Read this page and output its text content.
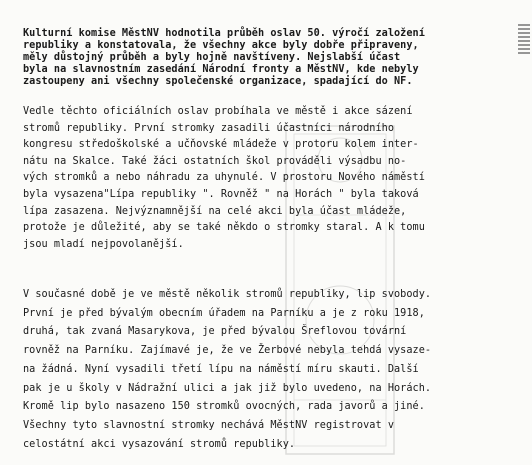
Kulturní komise MěstNV hodnotila průběh oslav 50. výročí založení
republiky a konstatovala, že všechny akce byly dobře připraveny,
měly důstojný průběh a byly hojně navštíveny. Nejslabší účast
byla na slavnostním zasedání Národní fronty a MěstNV, kde nebyly
zastoupeny ani všechny společenské organizace, spadající do NF.
Vedle těchto oficiálních oslav probíhala ve městě i akce sázení
stromů republiky. První stromky zasadili účastníci národního
kongresu středoškolské a učňovské mládeže v protoru kolem inter-
nátu na Skalce. Také žáci ostatních škol prováděli výsadbu no-
vých stromků a nebo náhradu za uhynulé. V prostoru Nového náměstí
byla vysazena"Lípa republiky ". Rovněž " na Horách " byla taková
lípa zasazena. Nejvýznamnější na celé akci byla účast mládeže,
protože je důležité, aby se také někdo o stromky staral. A k tomu
jsou mladí nejpovolanější.
V současné době je ve městě několik stromů republiky, lip svobody.
První je před bývalým obecním úřadem na Parníku a je z roku 1918,
druhá, tak zvaná Masarykova, je před bývalou Šreflovou tovární
rovněž na Parníku. Zajímavé je, že ve Žerbové nebyla tehdá vysaze-
na žádná. Nyní vysadili třetí lípu na náměstí míru skauti. Další
pak je u školy v Nádražní ulici a jak již bylo uvedeno, na Horách.
Kromě lip bylo nasazeno 150 stromků ovocných, rada javorů a jiné.
Všechny tyto slavnostní stromky nechává MěstNV registrovat v
celostátní akci vysazování stromů republiky.
